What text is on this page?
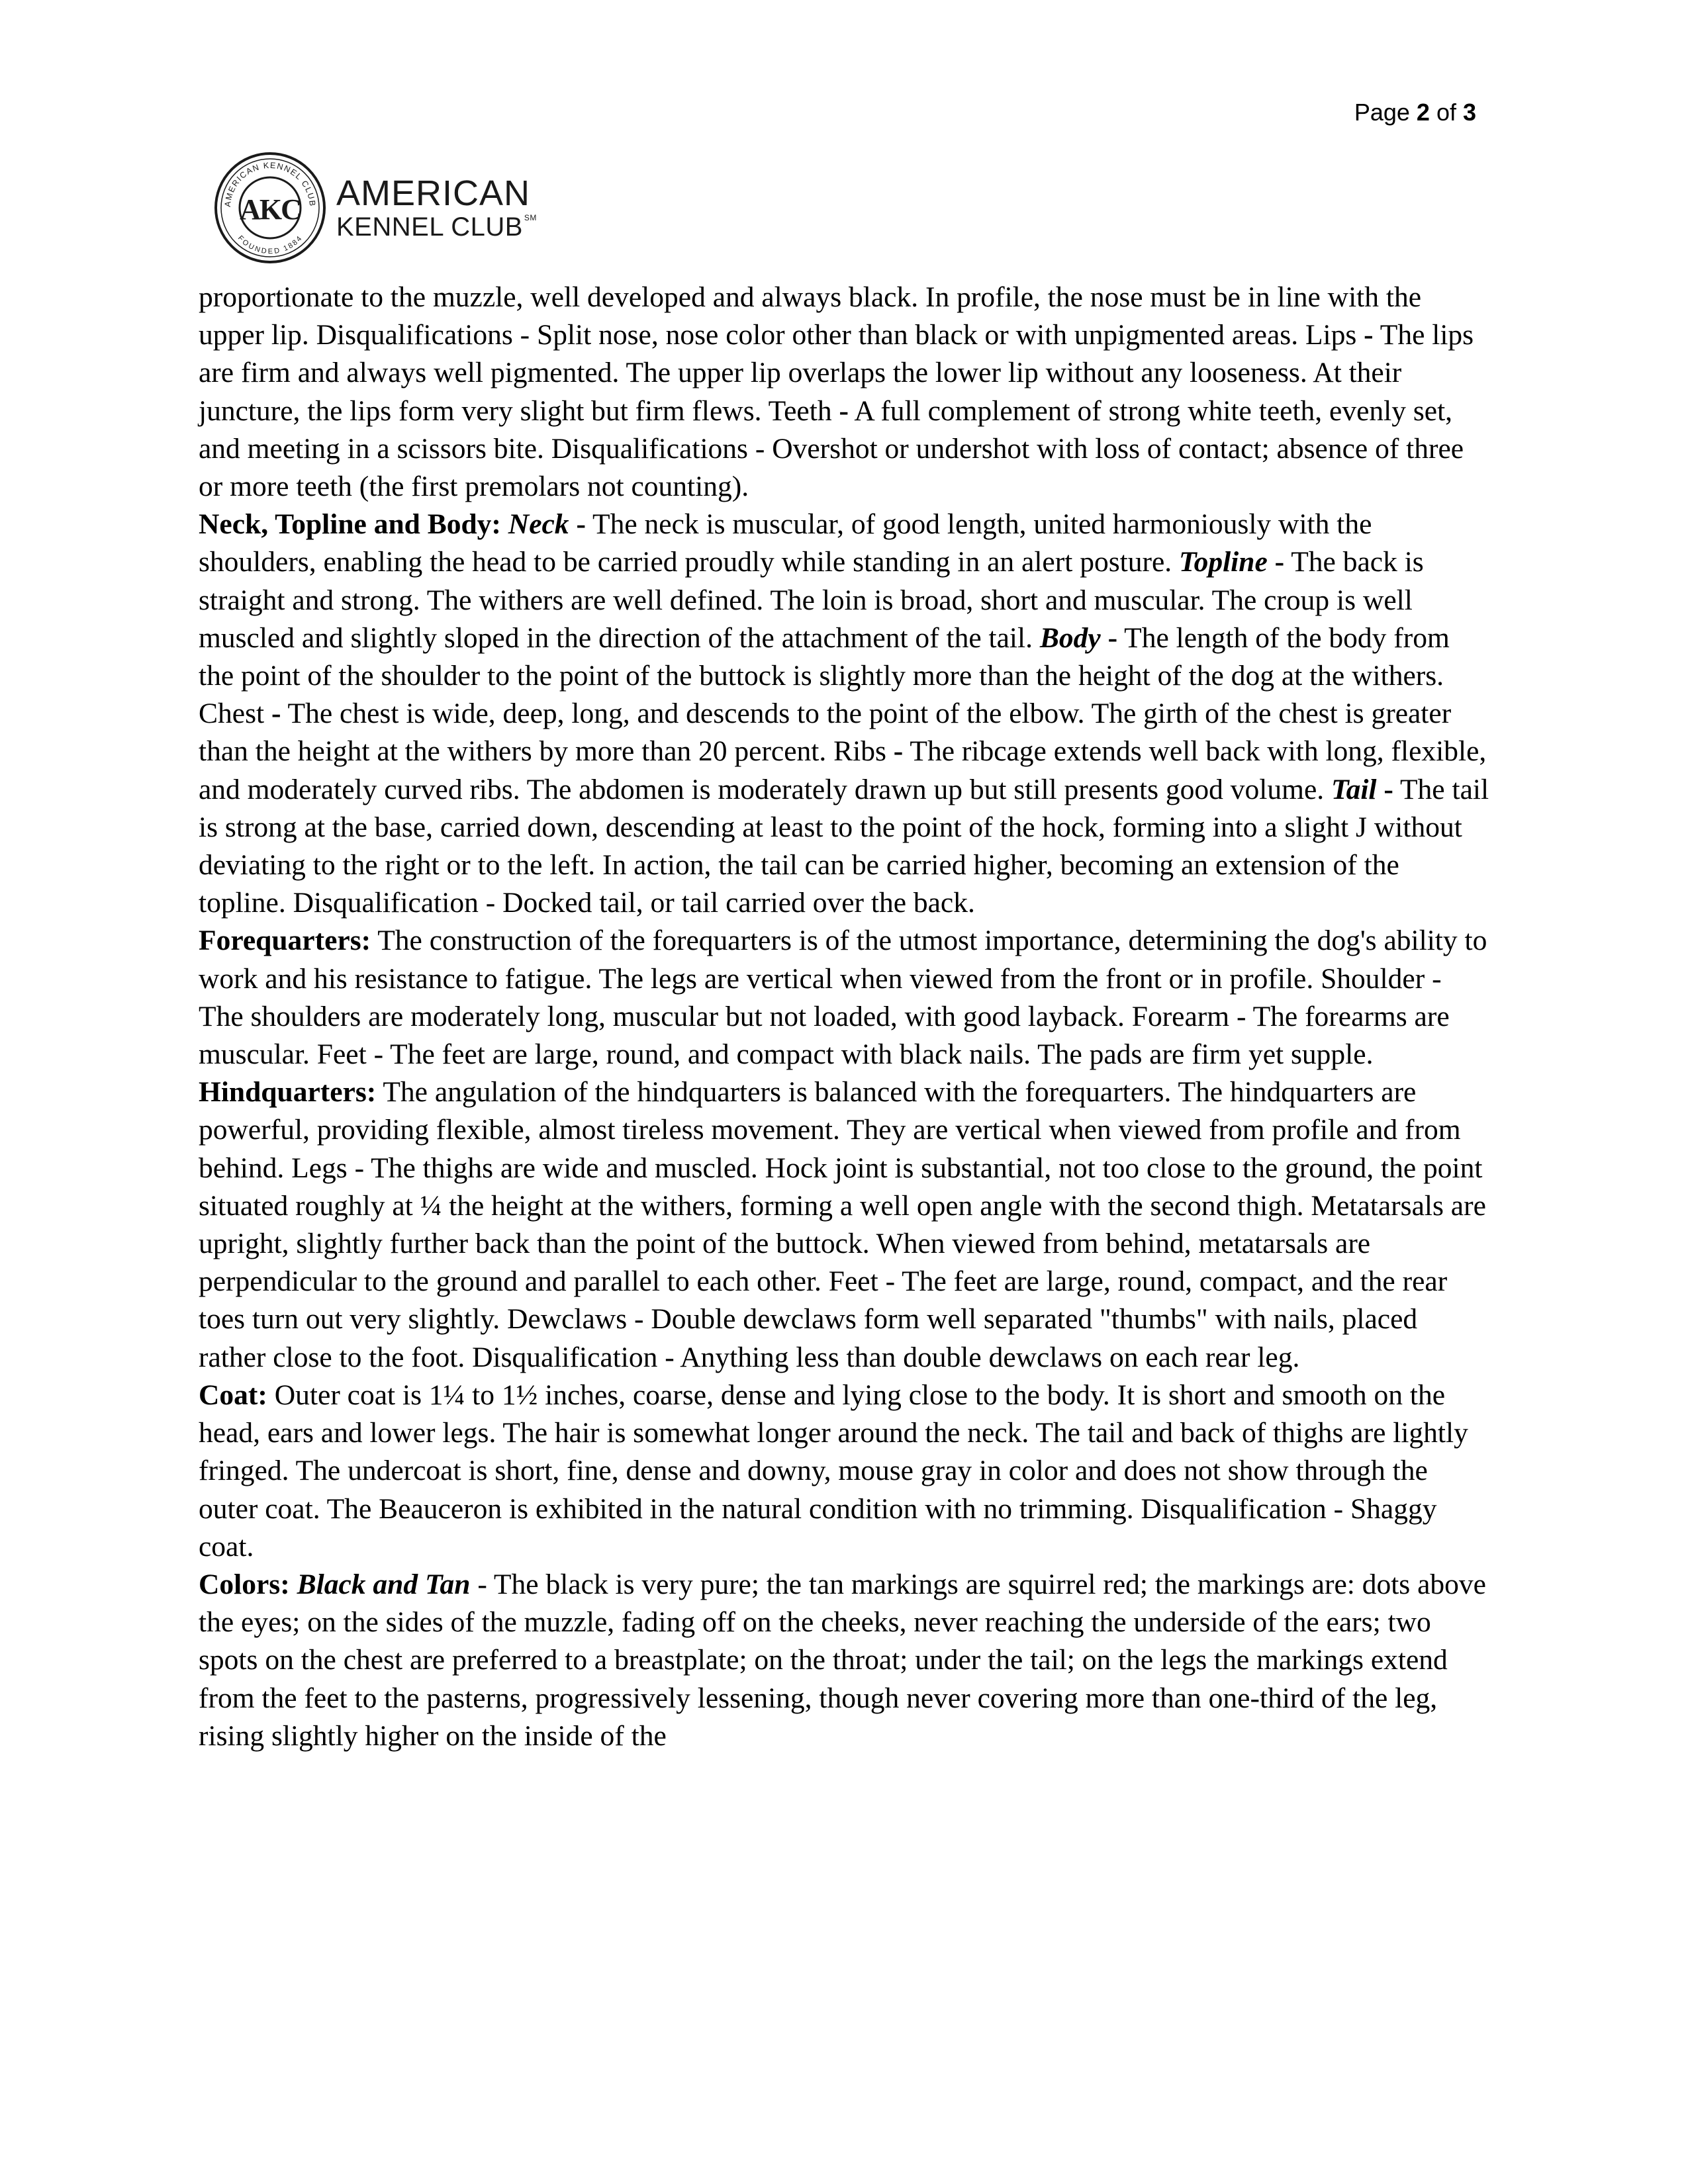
Page 2 of 3
AMERICAN KENNEL CLUB
FOUNDED 1884
AKC AMERICAN
KENNEL CLUB ℠

proportionate to the muzzle, well developed and always black. In profile, the nose must be in line with the upper lip. Disqualifications - Split nose, nose color other than black or with unpigmented areas. Lips - The lips are firm and always well pigmented. The upper lip overlaps the lower lip without any looseness. At their juncture, the lips form very slight but firm flews. Teeth - A full complement of strong white teeth, evenly set, and meeting in a scissors bite. Disqualifications - Overshot or undershot with loss of contact; absence of three or more teeth (the first premolars not counting).

Neck, Topline and Body: Neck - The neck is muscular, of good length, united harmoniously with the shoulders, enabling the head to be carried proudly while standing in an alert posture. Topline - The back is straight and strong. The withers are well defined. The loin is broad, short and muscular. The croup is well muscled and slightly sloped in the direction of the attachment of the tail. Body - The length of the body from the point of the shoulder to the point of the buttock is slightly more than the height of the dog at the withers. Chest - The chest is wide, deep, long, and descends to the point of the elbow. The girth of the chest is greater than the height at the withers by more than 20 percent. Ribs - The ribcage extends well back with long, flexible, and moderately curved ribs. The abdomen is moderately drawn up but still presents good volume. Tail - The tail is strong at the base, carried down, descending at least to the point of the hock, forming into a slight J without deviating to the right or to the left. In action, the tail can be carried higher, becoming an extension of the topline. Disqualification - Docked tail, or tail carried over the back.

Forequarters: The construction of the forequarters is of the utmost importance, determining the dog's ability to work and his resistance to fatigue. The legs are vertical when viewed from the front or in profile. Shoulder - The shoulders are moderately long, muscular but not loaded, with good layback. Forearm - The forearms are muscular. Feet - The feet are large, round, and compact with black nails. The pads are firm yet supple.

Hindquarters: The angulation of the hindquarters is balanced with the forequarters. The hindquarters are powerful, providing flexible, almost tireless movement. They are vertical when viewed from profile and from behind. Legs - The thighs are wide and muscled. Hock joint is substantial, not too close to the ground, the point situated roughly at ¼ the height at the withers, forming a well open angle with the second thigh. Metatarsals are upright, slightly further back than the point of the buttock. When viewed from behind, metatarsals are perpendicular to the ground and parallel to each other. Feet - The feet are large, round, compact, and the rear toes turn out very slightly. Dewclaws - Double dewclaws form well separated "thumbs" with nails, placed rather close to the foot. Disqualification - Anything less than double dewclaws on each rear leg.

Coat: Outer coat is 1¼ to 1½ inches, coarse, dense and lying close to the body. It is short and smooth on the head, ears and lower legs. The hair is somewhat longer around the neck. The tail and back of thighs are lightly fringed. The undercoat is short, fine, dense and downy, mouse gray in color and does not show through the outer coat. The Beauceron is exhibited in the natural condition with no trimming. Disqualification - Shaggy coat.

Colors: Black and Tan - The black is very pure; the tan markings are squirrel red; the markings are: dots above the eyes; on the sides of the muzzle, fading off on the cheeks, never reaching the underside of the ears; two spots on the chest are preferred to a breastplate; on the throat; under the tail; on the legs the markings extend from the feet to the pasterns, progressively lessening, though never covering more than one-third of the leg, rising slightly higher on the inside of the
